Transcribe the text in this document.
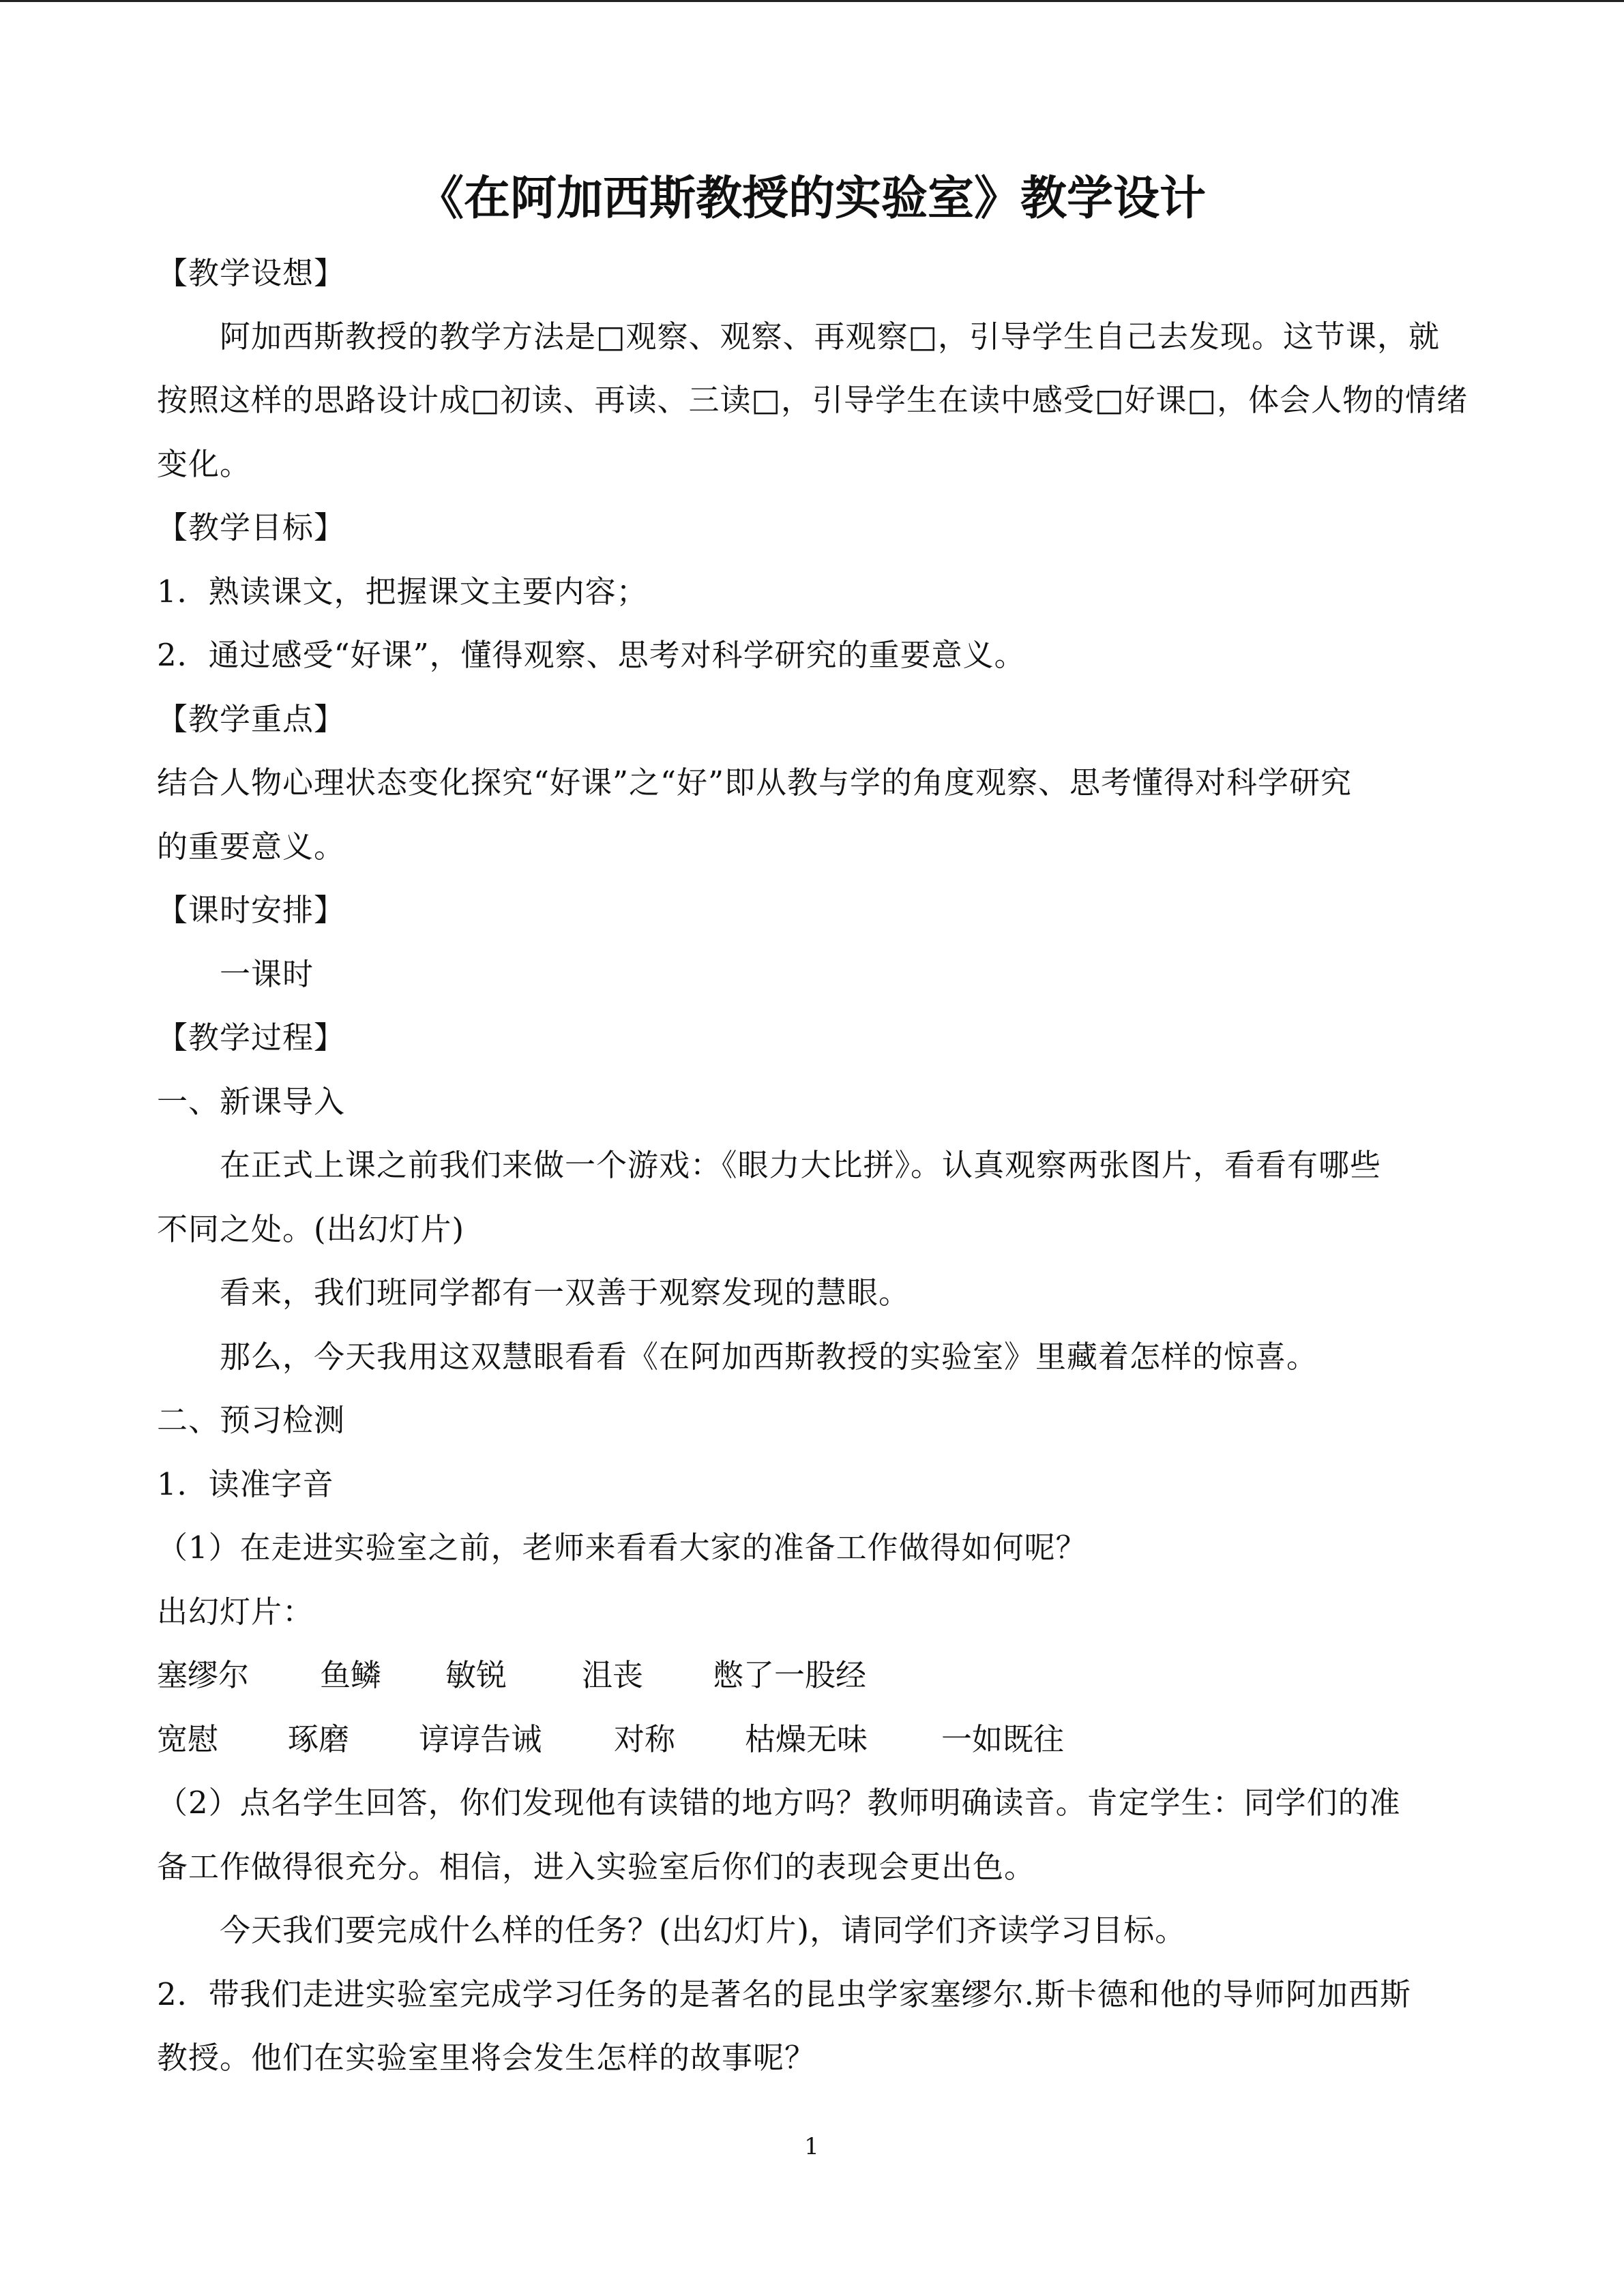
《在阿加西斯教授的实验室》教学设计
【教学设想】
阿加西斯教授的教学方法是□观察、观察、再观察□，引导学生自己去发现。这节课，就
按照这样的思路设计成□初读、再读、三读□，引导学生在读中感受□好课□，体会人物的情绪
变化。
【教学目标】
1．熟读课文，把握课文主要内容；
2．通过感受“好课”，懂得观察、思考对科学研究的重要意义。
【教学重点】
结合人物心理状态变化探究“好课”之“好”即从教与学的角度观察、思考懂得对科学研究
的重要意义。
【课时安排】
一课时
【教学过程】
一、新课导入
在正式上课之前我们来做一个游戏：《眼力大比拼》。认真观察两张图片，看看有哪些
不同之处。(出幻灯片)
看来，我们班同学都有一双善于观察发现的慧眼。
那么，今天我用这双慧眼看看《在阿加西斯教授的实验室》里藏着怎样的惊喜。
二、预习检测
1．读准字音
（1）在走进实验室之前，老师来看看大家的准备工作做得如何呢？
出幻灯片：
塞缪尔 鱼鳞 敏锐 沮丧 憋了一股经
宽慰 琢磨 谆谆告诫 对称 枯燥无味 一如既往
（2）点名学生回答，你们发现他有读错的地方吗？教师明确读音。肯定学生：同学们的准
备工作做得很充分。相信，进入实验室后你们的表现会更出色。
今天我们要完成什么样的任务？(出幻灯片)，请同学们齐读学习目标。
2．带我们走进实验室完成学习任务的是著名的昆虫学家塞缪尔.斯卡德和他的导师阿加西斯
教授。他们在实验室里将会发生怎样的故事呢？
1
